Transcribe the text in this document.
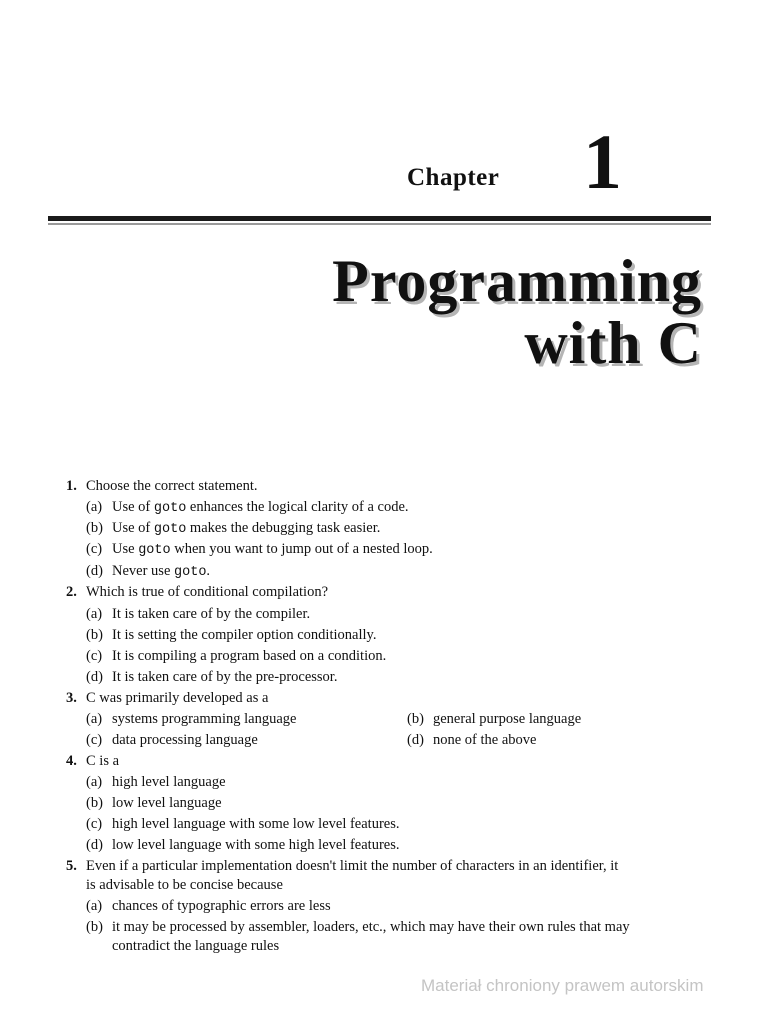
Chapter 1
Programming
with C
1. Choose the correct statement.
(a) Use of goto enhances the logical clarity of a code.
(b) Use of goto makes the debugging task easier.
(c) Use goto when you want to jump out of a nested loop.
(d) Never use goto.
2. Which is true of conditional compilation?
(a) It is taken care of by the compiler.
(b) It is setting the compiler option conditionally.
(c) It is compiling a program based on a condition.
(d) It is taken care of by the pre-processor.
3. C was primarily developed as a
(a) systems programming language	(b) general purpose language
(c) data processing language	(d) none of the above
4. C is a
(a) high level language
(b) low level language
(c) high level language with some low level features.
(d) low level language with some high level features.
5. Even if a particular implementation doesn't limit the number of characters in an identifier, it
is advisable to be concise because
(a) chances of typographic errors are less
(b) it may be processed by assembler, loaders, etc., which may have their own rules that may
contradict the language rules
Materiał chroniony prawem autorskim
